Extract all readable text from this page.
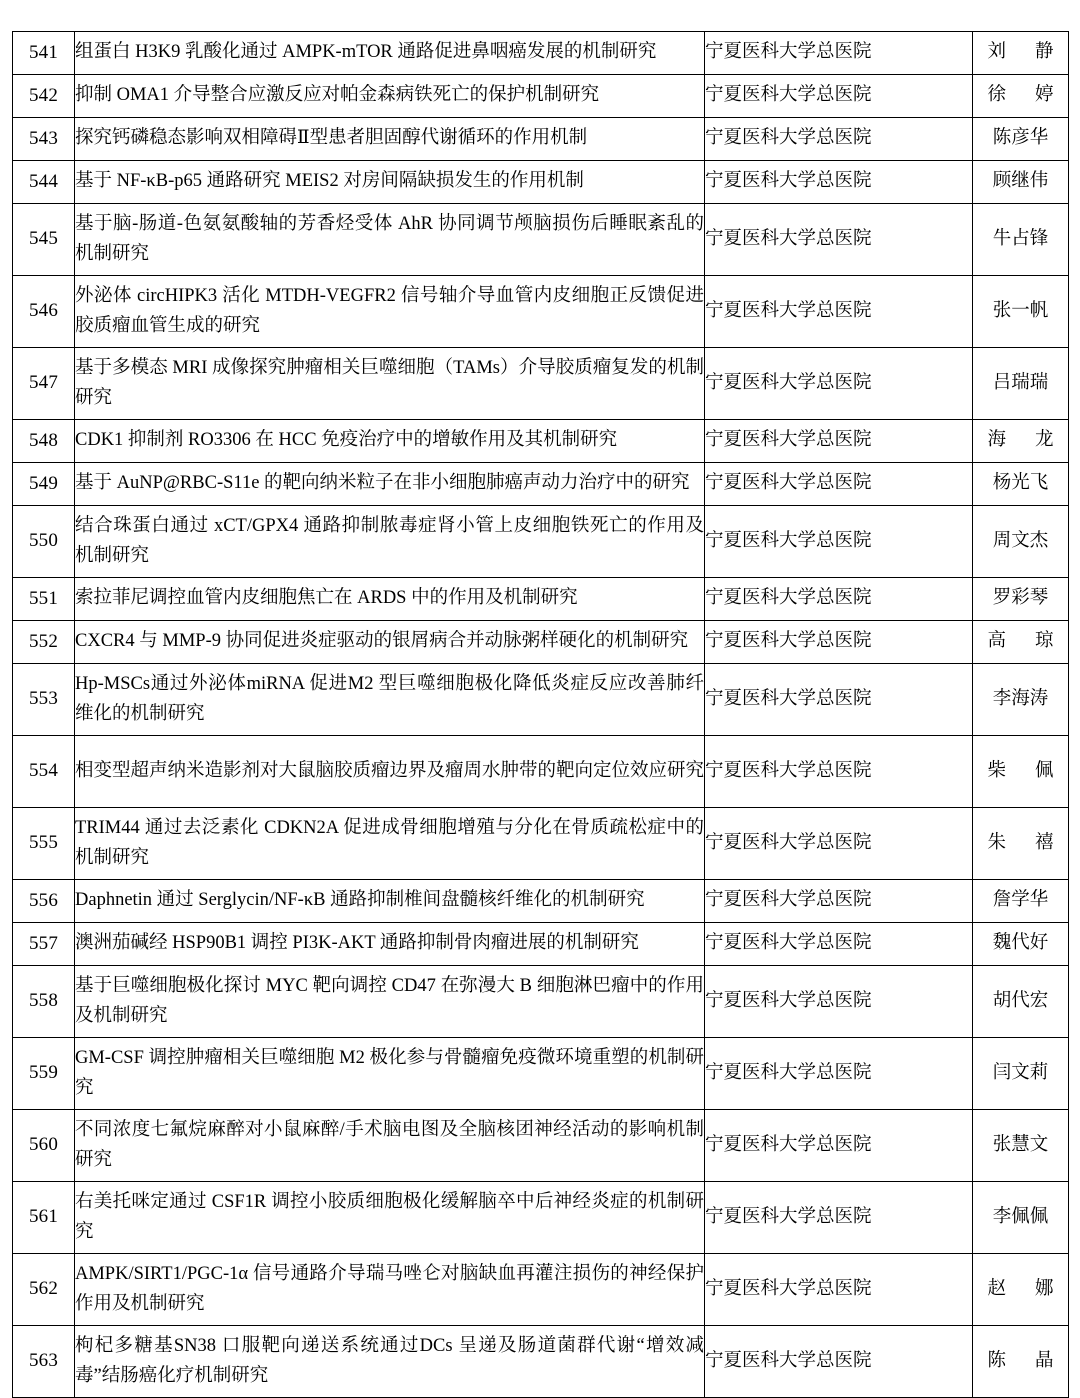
541	组蛋白 H3K9 乳酸化通过 AMPK-mTOR 通路促进鼻咽癌发展的机制研究	宁夏医科大学总医院	刘静
542	抑制 OMA1 介导整合应激反应对帕金森病铁死亡的保护机制研究	宁夏医科大学总医院	徐婷
543	探究钙磷稳态影响双相障碍Ⅱ型患者胆固醇代谢循环的作用机制	宁夏医科大学总医院	陈彦华
544	基于 NF-κB-p65 通路研究 MEIS2 对房间隔缺损发生的作用机制	宁夏医科大学总医院	顾继伟
545	基于脑-肠道-色氨氨酸轴的芳香烃受体 AhR 协同调节颅脑损伤后睡眠紊乱的机制研究	宁夏医科大学总医院	牛占锋
546	外泌体 circHIPK3 活化 MTDH-VEGFR2 信号轴介导血管内皮细胞正反馈促进胶质瘤血管生成的研究	宁夏医科大学总医院	张一帆
547	基于多模态 MRI 成像探究肿瘤相关巨噬细胞（TAMs）介导胶质瘤复发的机制研究	宁夏医科大学总医院	吕瑞瑞
548	CDK1 抑制剂 RO3306 在 HCC 免疫治疗中的增敏作用及其机制研究	宁夏医科大学总医院	海龙
549	基于 AuNP@RBC-S11e 的靶向纳米粒子在非小细胞肺癌声动力治疗中的研究	宁夏医科大学总医院	杨光飞
550	结合珠蛋白通过 xCT/GPX4 通路抑制脓毒症肾小管上皮细胞铁死亡的作用及机制研究	宁夏医科大学总医院	周文杰
551	索拉菲尼调控血管内皮细胞焦亡在 ARDS 中的作用及机制研究	宁夏医科大学总医院	罗彩琴
552	CXCR4 与 MMP-9 协同促进炎症驱动的银屑病合并动脉粥样硬化的机制研究	宁夏医科大学总医院	高琼
553	Hp-MSCs通过外泌体miRNA 促进M2 型巨噬细胞极化降低炎症反应改善肺纤维化的机制研究	宁夏医科大学总医院	李海涛
554	相变型超声纳米造影剂对大鼠脑胶质瘤边界及瘤周水肿带的靶向定位效应研究	宁夏医科大学总医院	柴佩
555	TRIM44 通过去泛素化 CDKN2A 促进成骨细胞增殖与分化在骨质疏松症中的机制研究	宁夏医科大学总医院	朱禧
556	Daphnetin 通过 Serglycin/NF-κB 通路抑制椎间盘髓核纤维化的机制研究	宁夏医科大学总医院	詹学华
557	澳洲茄碱经 HSP90B1 调控 PI3K-AKT 通路抑制骨肉瘤进展的机制研究	宁夏医科大学总医院	魏代好
558	基于巨噬细胞极化探讨 MYC 靶向调控 CD47 在弥漫大 B 细胞淋巴瘤中的作用及机制研究	宁夏医科大学总医院	胡代宏
559	GM-CSF 调控肿瘤相关巨噬细胞 M2 极化参与骨髓瘤免疫微环境重塑的机制研究	宁夏医科大学总医院	闫文莉
560	不同浓度七氟烷麻醉对小鼠麻醉/手术脑电图及全脑核团神经活动的影响机制研究	宁夏医科大学总医院	张慧文
561	右美托咪定通过 CSF1R 调控小胶质细胞极化缓解脑卒中后神经炎症的机制研究	宁夏医科大学总医院	李佩佩
562	AMPK/SIRT1/PGC-1α 信号通路介导瑞马唑仑对脑缺血再灌注损伤的神经保护作用及机制研究	宁夏医科大学总医院	赵娜
563	枸杞多糖基SN38 口服靶向递送系统通过DCs 呈递及肠道菌群代谢“增效减毒”结肠癌化疗机制研究	宁夏医科大学总医院	陈晶
